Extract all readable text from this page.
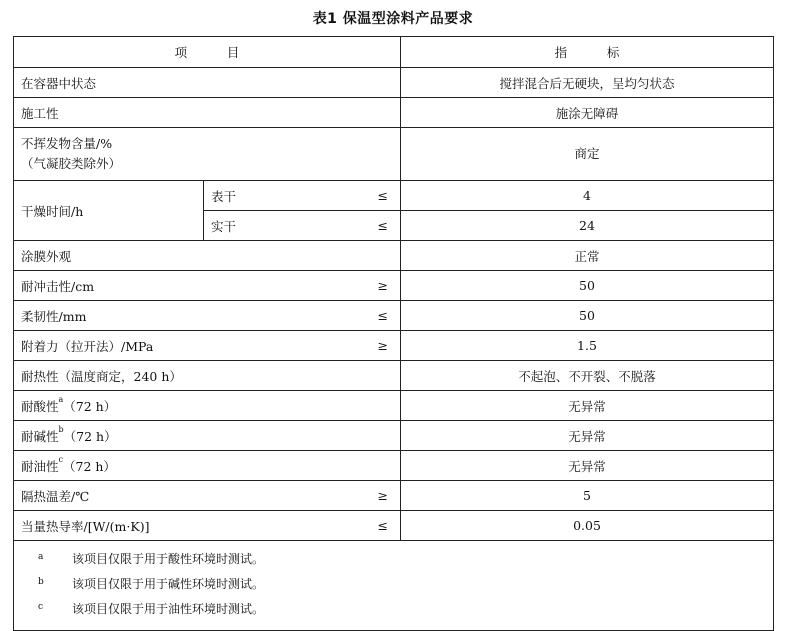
表1 保温型涂料产品要求
项          目			指          标
在容器中状态			搅拌混合后无硬块，呈均匀状态
施工性			施涂无障碍

不挥发物含量/%
（气凝胶类除外）			商定
干燥时间/h	表干	≤	4
	实干	≤	24
涂膜外观			正常
耐冲击性/cm		≥	50
柔韧性/mm		≤	50
附着力（拉开法）/MPa		≥	1.5
耐热性（温度商定，240 h）			不起泡、不开裂、不脱落
耐酸性$^a$（72 h）			无异常
耐碱性$^b$（72 h）			无异常
耐油性$^c$（72 h）			无异常
隔热温差/℃		≥	5
当量热导率/[W/(m·K)]		≤	0.05

a 该项目仅限于用于酸性环境时测试。
b 该项目仅限于用于碱性环境时测试。
c 该项目仅限于用于油性环境时测试。			
